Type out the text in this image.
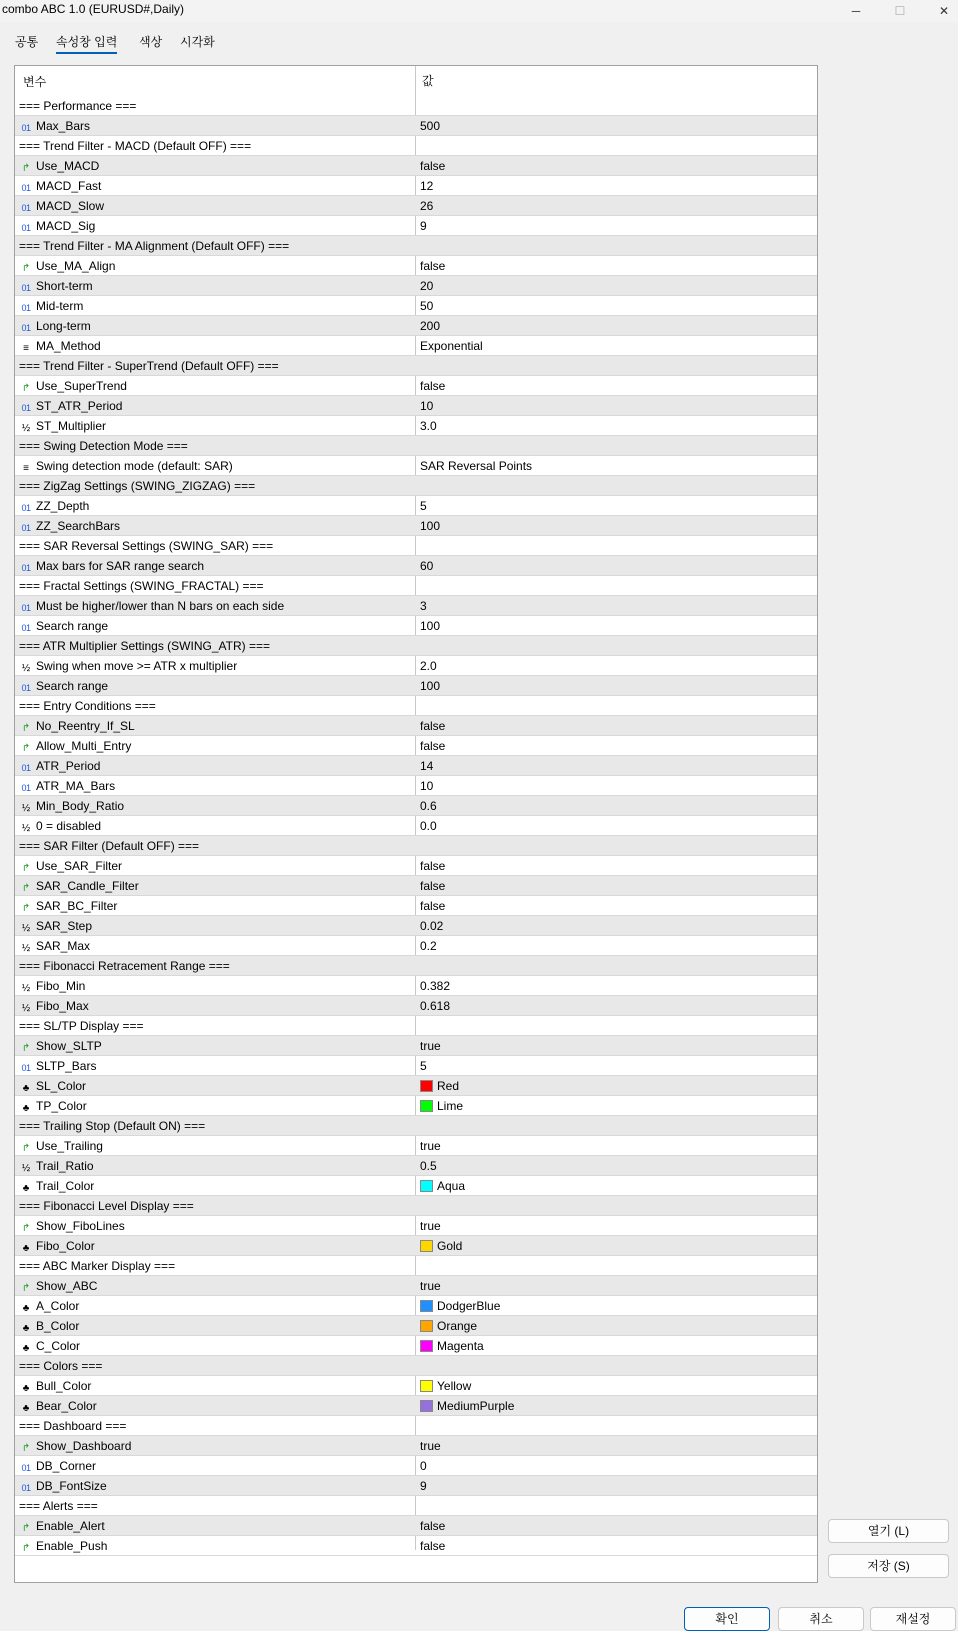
combo ABC 1.0 (EURUSD#,Daily)	─	☐	✕
공통 속성창 입력 색상 시각화
변수	값
=== Performance ===
01 Max_Bars	500
=== Trend Filter - MACD (Default OFF) ===
↱ Use_MACD	false
01 MACD_Fast	12
01 MACD_Slow	26
01 MACD_Sig	9
=== Trend Filter - MA Alignment (Default OFF) ===
↱ Use_MA_Align	false
01 Short-term	20
01 Mid-term	50
01 Long-term	200
≡ MA_Method	Exponential
=== Trend Filter - SuperTrend (Default OFF) ===
↱ Use_SuperTrend	false
01 ST_ATR_Period	10
½ ST_Multiplier	3.0
=== Swing Detection Mode ===
≡ Swing detection mode (default: SAR)	SAR Reversal Points
=== ZigZag Settings (SWING_ZIGZAG) ===
01 ZZ_Depth	5
01 ZZ_SearchBars	100
=== SAR Reversal Settings (SWING_SAR) ===
01 Max bars for SAR range search	60
=== Fractal Settings (SWING_FRACTAL) ===
01 Must be higher/lower than N bars on each side	3
01 Search range	100
=== ATR Multiplier Settings (SWING_ATR) ===
½ Swing when move >= ATR x multiplier	2.0
01 Search range	100
=== Entry Conditions ===
↱ No_Reentry_If_SL	false
↱ Allow_Multi_Entry	false
01 ATR_Period	14
01 ATR_MA_Bars	10
½ Min_Body_Ratio	0.6
½ 0 = disabled	0.0
=== SAR Filter (Default OFF) ===
↱ Use_SAR_Filter	false
↱ SAR_Candle_Filter	false
↱ SAR_BC_Filter	false
½ SAR_Step	0.02
½ SAR_Max	0.2
=== Fibonacci Retracement Range ===
½ Fibo_Min	0.382
½ Fibo_Max	0.618
=== SL/TP Display ===
↱ Show_SLTP	true
01 SLTP_Bars	5
♣ SL_Color	Red
♣ TP_Color	Lime
=== Trailing Stop (Default ON) ===
↱ Use_Trailing	true
½ Trail_Ratio	0.5
♣ Trail_Color	Aqua
=== Fibonacci Level Display ===
↱ Show_FiboLines	true
♣ Fibo_Color	Gold
=== ABC Marker Display ===
↱ Show_ABC	true
♣ A_Color	DodgerBlue
♣ B_Color	Orange
♣ C_Color	Magenta
=== Colors ===
♣ Bull_Color	Yellow
♣ Bear_Color	MediumPurple
=== Dashboard ===
↱ Show_Dashboard	true
01 DB_Corner	0
01 DB_FontSize	9
=== Alerts ===
↱ Enable_Alert	false
↱ Enable_Push	false
열기 (L)
저장 (S)
확인	취소	재설정
